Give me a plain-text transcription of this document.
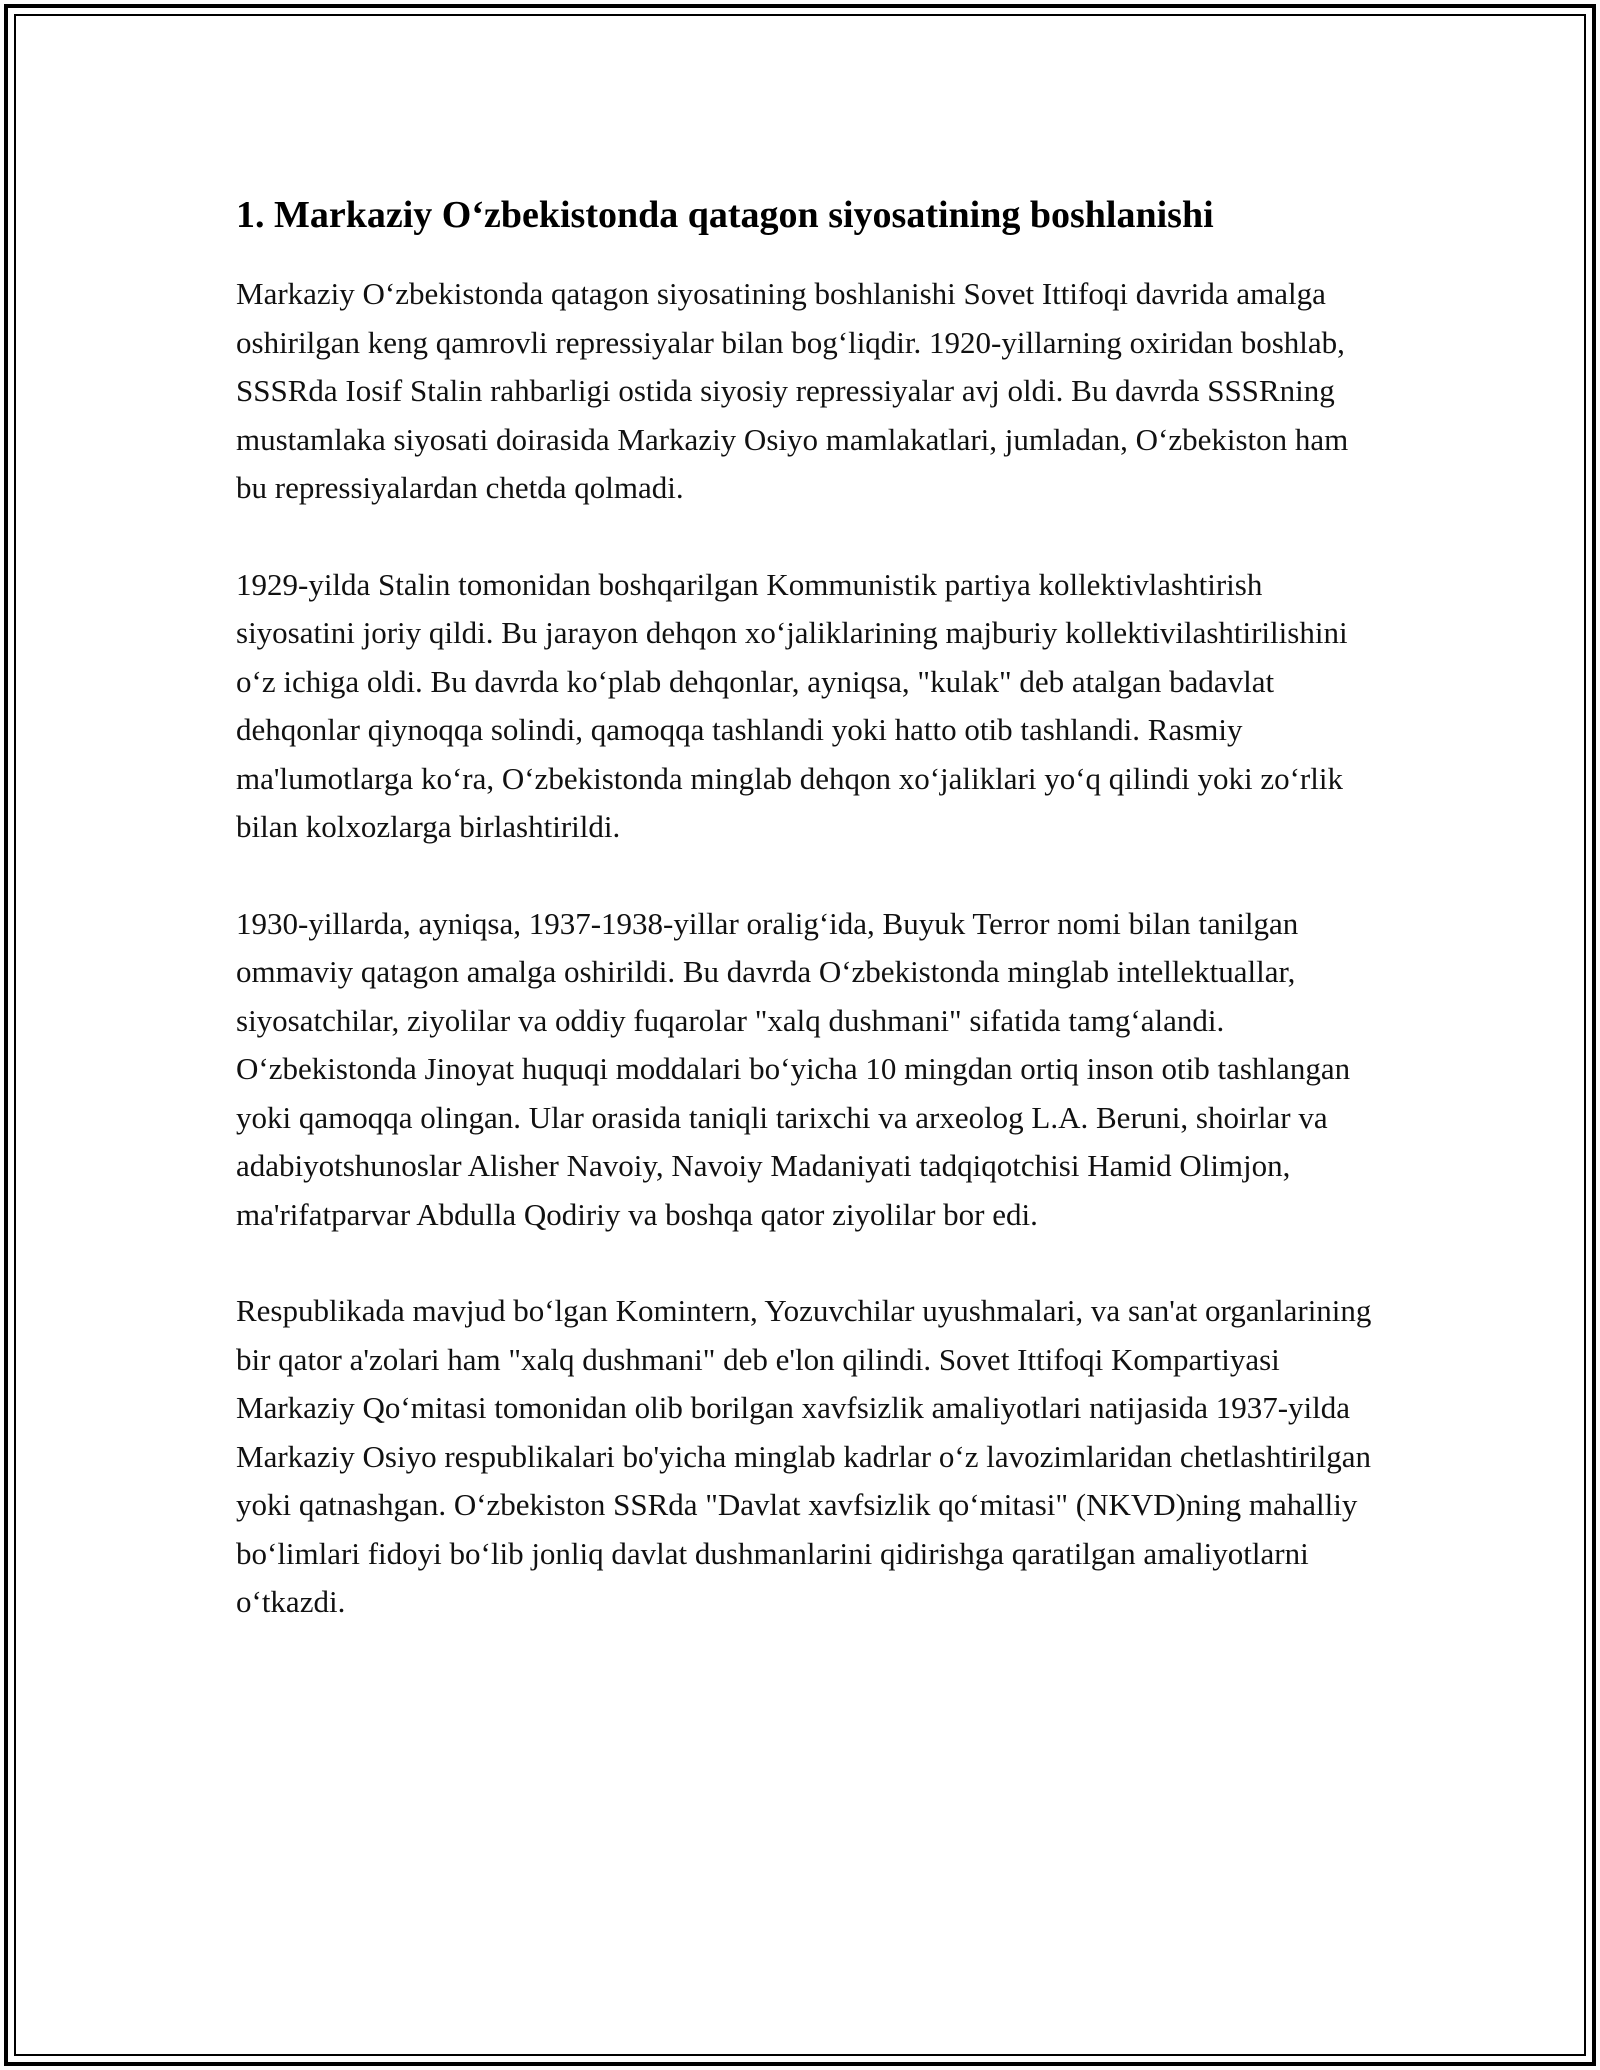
1. Markaziy O‘zbekistonda qatagon siyosatining boshlanishi

Markaziy O‘zbekistonda qatagon siyosatining boshlanishi Sovet Ittifoqi davrida amalga oshirilgan keng qamrovli repressiyalar bilan bog‘liqdir. 1920-yillarning oxiridan boshlab, SSSRda Iosif Stalin rahbarligi ostida siyosiy repressiyalar avj oldi. Bu davrda SSSRning mustamlaka siyosati doirasida Markaziy Osiyo mamlakatlari, jumladan, O‘zbekiston ham bu repressiyalardan chetda qolmadi.

1929-yilda Stalin tomonidan boshqarilgan Kommunistik partiya kollektivlashtirish siyosatini joriy qildi. Bu jarayon dehqon xo‘jaliklarining majburiy kollektivilashtirilishini o‘z ichiga oldi. Bu davrda ko‘plab dehqonlar, ayniqsa, "kulak" deb atalgan badavlat dehqonlar qiynoqqa solindi, qamoqqa tashlandi yoki hatto otib tashlandi. Rasmiy ma'lumotlarga ko‘ra, O‘zbekistonda minglab dehqon xo‘jaliklari yo‘q qilindi yoki zo‘rlik bilan kolxozlarga birlashtirildi.

1930-yillarda, ayniqsa, 1937-1938-yillar oralig‘ida, Buyuk Terror nomi bilan tanilgan ommaviy qatagon amalga oshirildi. Bu davrda O‘zbekistonda minglab intellektuallar, siyosatchilar, ziyolilar va oddiy fuqarolar "xalq dushmani" sifatida tamg‘alandi. O‘zbekistonda Jinoyat huquqi moddalari bo‘yicha 10 mingdan ortiq inson otib tashlangan yoki qamoqqa olingan. Ular orasida taniqli tarixchi va arxeolog L.A. Beruni, shoirlar va adabiyotshunoslar Alisher Navoiy, Navoiy Madaniyati tadqiqotchisi Hamid Olimjon, ma'rifatparvar Abdulla Qodiriy va boshqa qator ziyolilar bor edi.

Respublikada mavjud bo‘lgan Komintern, Yozuvchilar uyushmalari, va san'at organlarining bir qator a'zolari ham "xalq dushmani" deb e'lon qilindi. Sovet Ittifoqi Kompartiyasi Markaziy Qo‘mitasi tomonidan olib borilgan xavfsizlik amaliyotlari natijasida 1937-yilda Markaziy Osiyo respublikalari bo'yicha minglab kadrlar o‘z lavozimlaridan chetlashtirilgan yoki qatnashgan. O‘zbekiston SSRda "Davlat xavfsizlik qo‘mitasi" (NKVD)ning mahalliy bo‘limlari fidoyi bo‘lib jonliq davlat dushmanlarini qidirishga qaratilgan amaliyotlarni o‘tkazdi.
